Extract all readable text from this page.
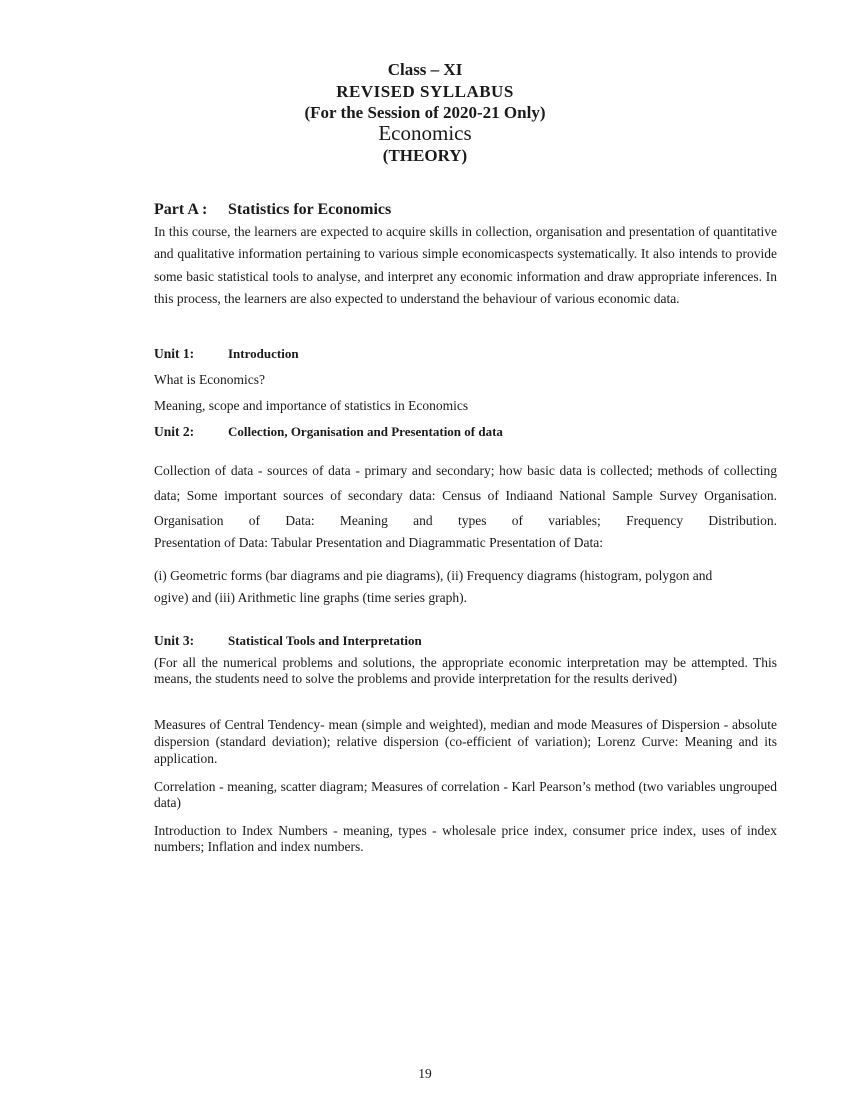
Class – XI
REVISED SYLLABUS
(For the Session of 2020-21 Only)
Economics
(THEORY)
Part A : Statistics for Economics
In this course, the learners are expected to acquire skills in collection, organisation and presentation of quantitative and qualitative information pertaining to various simple economicaspects systematically. It also intends to provide some basic statistical tools to analyse, and interpret any economic information and draw appropriate inferences. In this process, the learners are also expected to understand the behaviour of various economic data.
Unit 1:	Introduction
What is Economics?
Meaning, scope and importance of statistics in Economics
Unit 2:	Collection, Organisation and Presentation of data
Collection of data - sources of data - primary and secondary; how basic data is collected; methods of collecting data; Some important sources of secondary data: Census of Indiaand National Sample Survey Organisation. Organisation of Data: Meaning and types of variables; Frequency Distribution.
Presentation of Data: Tabular Presentation and Diagrammatic Presentation of Data:
(i) Geometric forms (bar diagrams and pie diagrams), (ii) Frequency diagrams (histogram, polygon and ogive) and (iii) Arithmetic line graphs (time series graph).
Unit 3:	Statistical Tools and Interpretation
(For all the numerical problems and solutions, the appropriate economic interpretation may be attempted. This means, the students need to solve the problems and provide interpretation for the results derived)
Measures of Central Tendency- mean (simple and weighted), median and mode Measures of Dispersion - absolute dispersion (standard deviation); relative dispersion (co-efficient of variation); Lorenz Curve: Meaning and its application.
Correlation - meaning, scatter diagram; Measures of correlation - Karl Pearson’s method (two variables ungrouped data)
Introduction to Index Numbers - meaning, types - wholesale price index, consumer price index, uses of index numbers; Inflation and index numbers.
19
